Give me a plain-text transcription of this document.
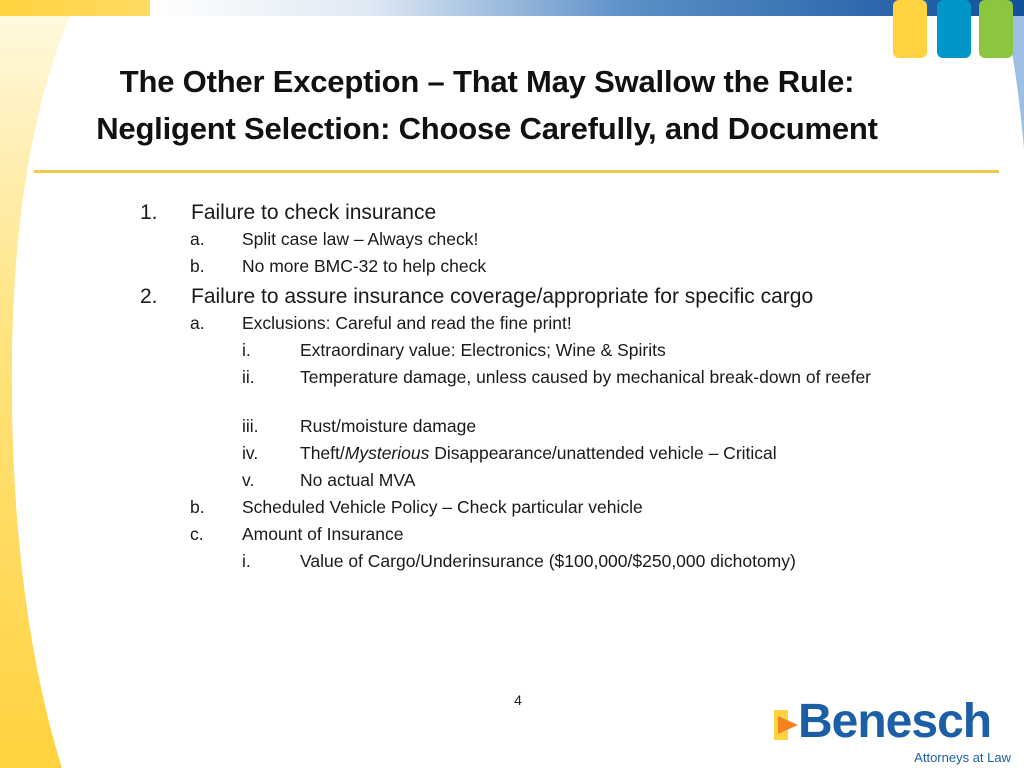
The Other Exception – That May Swallow the Rule:
Negligent Selection: Choose Carefully, and Document
1. Failure to check insurance
a. Split case law – Always check!
b. No more BMC-32 to help check
2. Failure to assure insurance coverage/appropriate for specific cargo
a. Exclusions: Careful and read the fine print!
i.	Extraordinary value: Electronics; Wine & Spirits
ii.	Temperature damage, unless caused by mechanical break-down of reefer
iii. Rust/moisture damage
iv. Theft/Mysterious Disappearance/unattended vehicle – Critical
v.	No actual MVA
b. Scheduled Vehicle Policy – Check particular vehicle
c. Amount of Insurance
i.	Value of Cargo/Underinsurance ($100,000/$250,000 dichotomy)
4	Benesch
Attorneys at Law
